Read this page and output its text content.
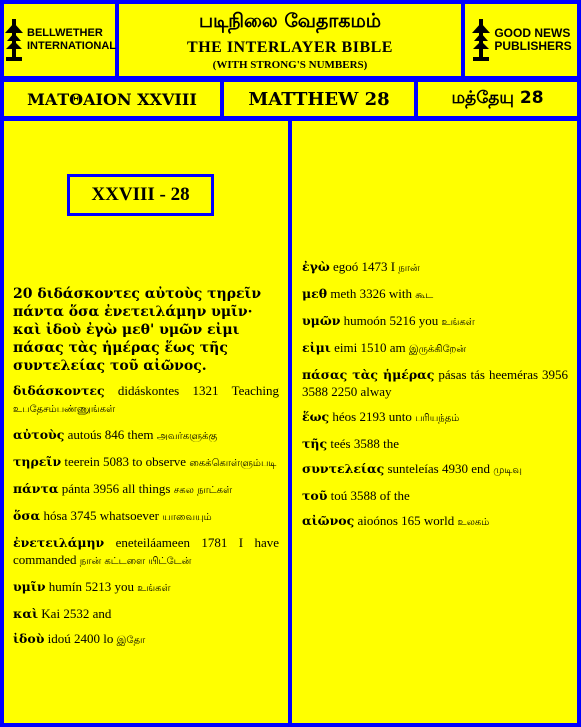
BELLWETHER
INTERNATIONAL
படிநிலை வேதாகமம்
THE INTERLAYER BIBLE
(WITH STRONG'S NUMBERS)
GOOD NEWS
PUBLISHERS
ΜΑΤΘΑΙΟΝ XXVIII	MATTHEW 28	மத்தேயு 28
XXVIII - 28
20 διδάσκοντες αὐτοὺς τηρεῖν πάντα ὅσα ἐνετειλάμην υμῖν· καὶ ἰδοὺ ἐγὼ μεθ' υμῶν εἰμι πάσας τὰς ἡμέρας ἕως τῆς συντελείας τοῦ αἰῶνος.
διδάσκοντες didáskontes 1321 Teaching உபதேசம்பண்ணுங்கள்
αὐτοὺς autoús 846 them அவர்களுக்கு
τηρεῖν teerein 5083 to observe கைக்கொள்ளும்படி
πάντα pánta 3956 all things சகல நாட்கள்
ὅσα hósa 3745 whatsoever யாவையும்
ἐνετειλάμην eneteiláameen 1781 I have commanded நான் கட்டளை யிட்டேன்
υμῖν humín 5213 you உங்கள்
καὶ Kai 2532 and
ἰδοὺ idoú 2400 lo இதோ
ἐγὼ egoó 1473 I நான்
μεθ meth 3326 with கூட
υμῶν humoón 5216 you உங்கள்
εἰμι eimi 1510 am இருக்கிறேன்
πάσας τὰς ἡμέρας pásas tás heeméras 3956 3588 2250 alway
ἕως héos 2193 unto பரியந்தம்
τῆς teés 3588 the
συντελείας sunteleías 4930 end முடிவு
τοῦ toú 3588 of the
αἰῶνος aioónos 165 world உலகம்
